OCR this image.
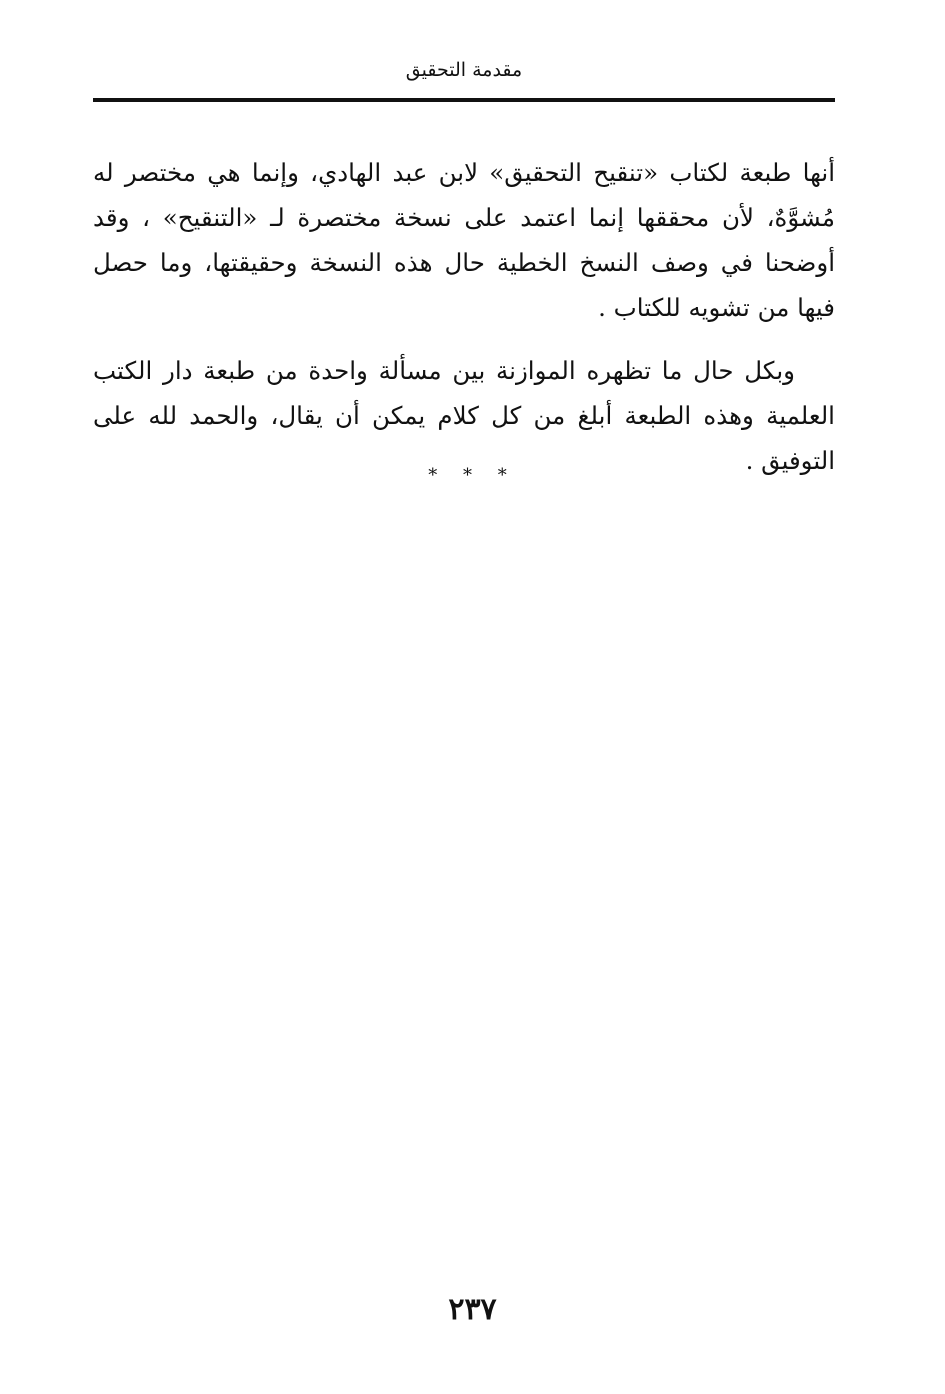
مقدمة التحقيق

أنها طبعة لكتاب «تنقيح التحقيق» لابن عبد الهادي، وإنما هي مختصر له مُشوَّهٌ، لأن محققها إنما اعتمد على نسخة مختصرة لـ «التنقيح» ، وقد أوضحنا في وصف النسخ الخطية حال هذه النسخة وحقيقتها، وما حصل فيها من تشويه للكتاب .

وبكل حال ما تظهره الموازنة بين مسألة واحدة من طبعة دار الكتب العلمية وهذه الطبعة أبلغ من كل كلام يمكن أن يقال، والحمد لله على التوفيق .

* * *
٢٣٧
